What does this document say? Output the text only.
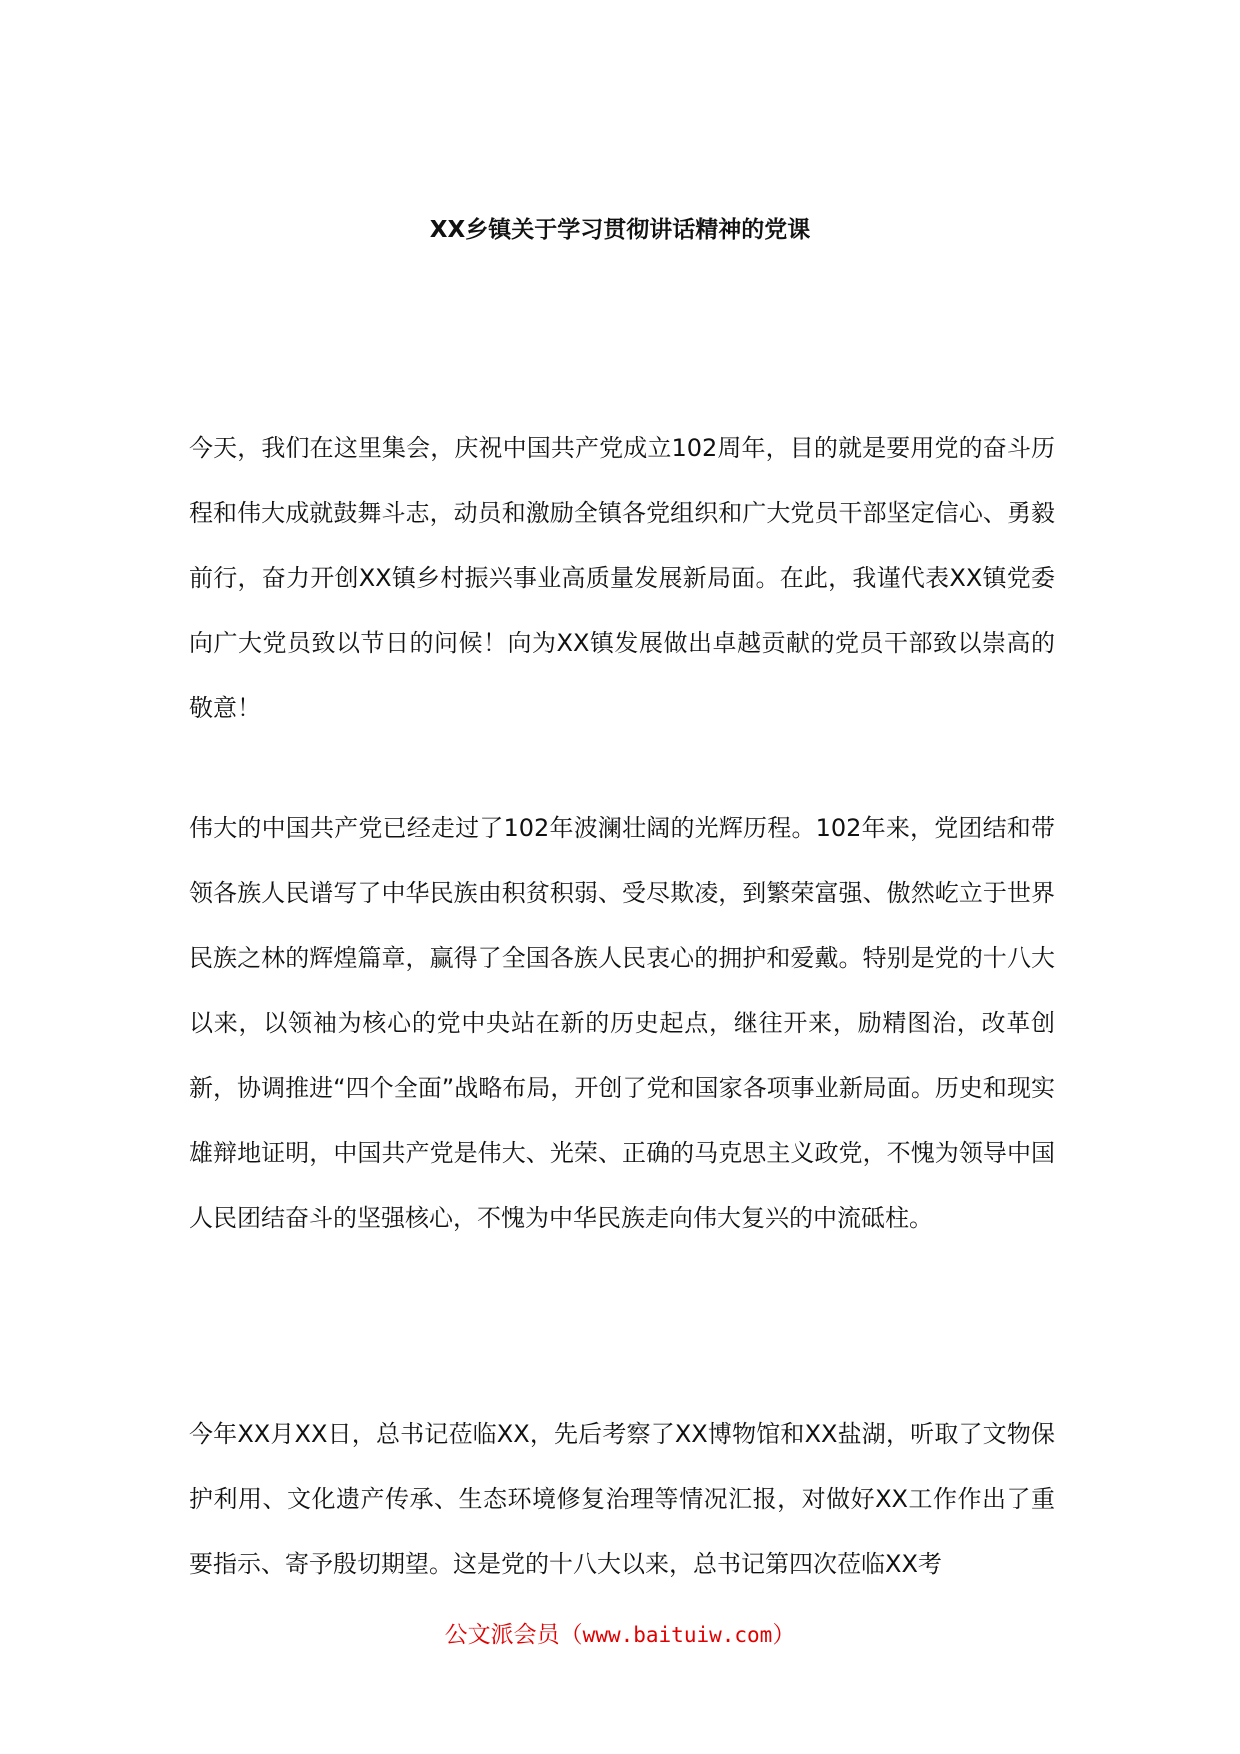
XX乡镇关于学习贯彻讲话精神的党课

今天，我们在这里集会，庆祝中国共产党成立102周年，目的就是要用党的奋斗历程和伟大成就鼓舞斗志，动员和激励全镇各党组织和广大党员干部坚定信心、勇毅前行，奋力开创XX镇乡村振兴事业高质量发展新局面。在此，我谨代表XX镇党委向广大党员致以节日的问候！向为XX镇发展做出卓越贡献的党员干部致以崇高的敬意！

伟大的中国共产党已经走过了102年波澜壮阔的光辉历程。102年来，党团结和带领各族人民谱写了中华民族由积贫积弱、受尽欺凌，到繁荣富强、傲然屹立于世界民族之林的辉煌篇章，赢得了全国各族人民衷心的拥护和爱戴。特别是党的十八大以来，以领袖为核心的党中央站在新的历史起点，继往开来，励精图治，改革创新，协调推进“四个全面”战略布局，开创了党和国家各项事业新局面。历史和现实雄辩地证明，中国共产党是伟大、光荣、正确的马克思主义政党，不愧为领导中国人民团结奋斗的坚强核心，不愧为中华民族走向伟大复兴的中流砥柱。

今年XX月XX日，总书记莅临XX，先后考察了XX博物馆和XX盐湖，听取了文物保护利用、文化遗产传承、生态环境修复治理等情况汇报，对做好XX工作作出了重要指示、寄予殷切期望。这是党的十八大以来，总书记第四次莅临XX考

公文派会员（www.baituiw.com）
